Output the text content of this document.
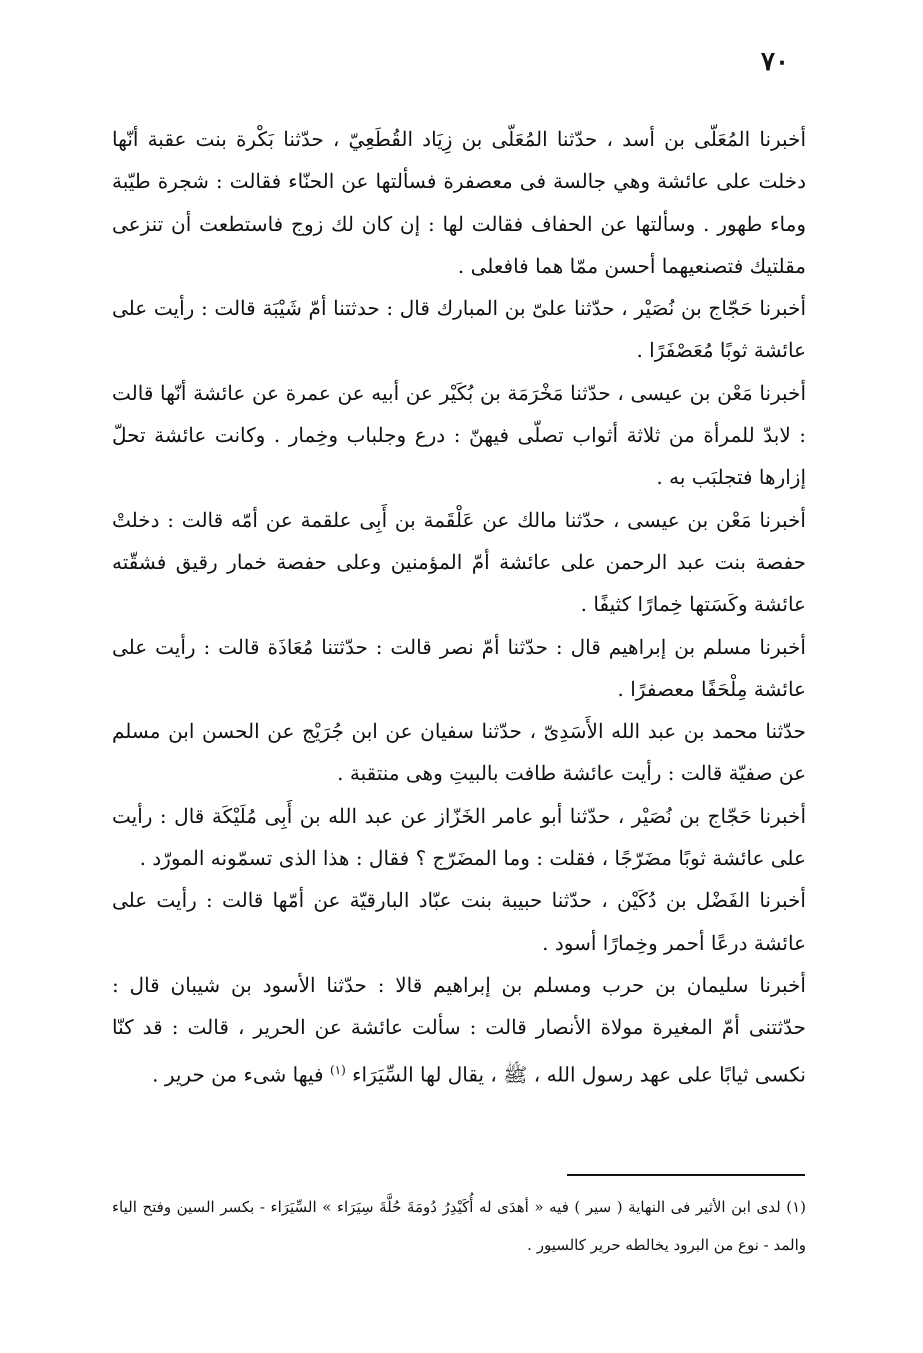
٧٠

أخبرنا المُعَلّى بن أسد ، حدّثنا المُعَلّى بن زِيَاد القُطَعِيّ ، حدّثنا بَكْرة بنت عقبة أنّها دخلت على عائشة وهي جالسة فى معصفرة فسألتها عن الحنّاء فقالت : شجرة طيّبة وماء طهور . وسألتها عن الحفاف فقالت لها : إن كان لك زوج فاستطعت أن تنزعى مقلتيك فتصنعيهما أحسن ممّا هما فافعلى .

أخبرنا حَجّاج بن نُصَيْر ، حدّثنا علىّ بن المبارك قال : حدثتنا أمّ شَيْبَة قالت : رأيت على عائشة ثوبًا مُعَصْفَرًا .

أخبرنا مَعْن بن عيسى ، حدّثنا مَخْرَمَة بن بُكَيْر عن أبيه عن عمرة عن عائشة أنّها قالت : لابدّ للمرأة من ثلاثة أثواب تصلّى فيهنّ : درع وجلباب وخِمار . وكانت عائشة تحلّ إزارها فتجلبَب به .

أخبرنا مَعْن بن عيسى ، حدّثنا مالك عن عَلْقَمة بن أَبِى علقمة عن أمّه قالت : دخلتْ حفصة بنت عبد الرحمن على عائشة أمّ المؤمنين وعلى حفصة خمار رقيق فشقّته عائشة وكَسَتها خِمارًا كثيفًا .

أخبرنا مسلم بن إبراهيم قال : حدّثنا أمّ نصر قالت : حدّثتنا مُعَاذَة قالت : رأيت على عائشة مِلْحَفًا معصفرًا .

حدّثنا محمد بن عبد الله الأَسَدِىّ ، حدّثنا سفيان عن ابن جُرَيْج عن الحسن ابن مسلم عن صفيّة قالت : رأيت عائشة طافت بالبيتِ وهى منتقبة .

أخبرنا حَجّاج بن نُصَيْر ، حدّثنا أبو عامر الخَزّاز عن عبد الله بن أَبِى مُلَيْكَة قال : رأيت على عائشة ثوبًا مضَرّجًا ، فقلت : وما المضَرّج ؟ فقال : هذا الذى تسمّونه المورّد .

أخبرنا الفَضْل بن دُكَيْن ، حدّثنا حبيبة بنت عبّاد البارقيّة عن أمّها قالت : رأيت على عائشة درعًا أحمر وخِمارًا أسود .

أخبرنا سليمان بن حرب ومسلم بن إبراهيم قالا : حدّثنا الأسود بن شيبان قال : حدّثتنى أمّ المغيرة مولاة الأنصار قالت : سألت عائشة عن الحرير ، قالت : قد كنّا نكسى ثيابًا على عهد رسول الله ، ﷺ ، يقال لها السِّيَرَاء $^{(١)}$ فيها شىء من حرير .

(١) لدى ابن الأثير فى النهاية ( سير ) فيه « أهدَى له أُكَيْدِرُ دُومَةَ حُلَّةَ سِيَرَاء » السِّيَرَاء - بكسر السين وفتح الياء والمد - نوع من البرود يخالطه حرير كالسيور .
